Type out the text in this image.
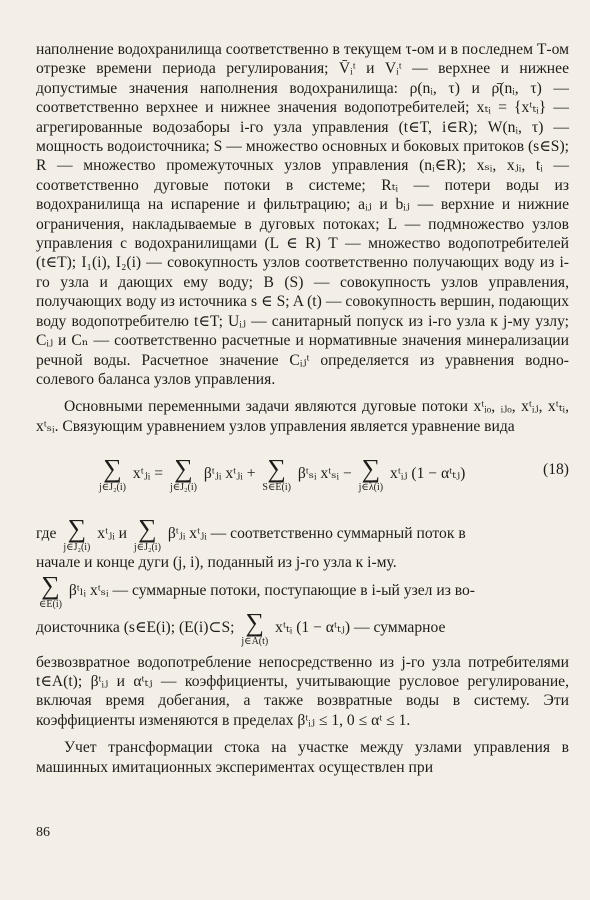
наполнение водохранилища соответственно в текущем τ-ом и в последнем Т-ом отрезке времени периода регулирования; V̄ᵢᵗ и Vᵢᵗ — верхнее и нижнее допустимые значения наполнения водохранилища: ρ(nᵢ, τ) и ρ̄(nᵢ, τ) — соответственно верхнее и нижнее значения водопотребителей; xₜᵢ = {xᵗₜᵢ} — агрегированные водозаборы i-го узла управления (t∈T, i∈R); W(nᵢ, τ) — мощность водоисточника; S — множество основных и боковых притоков (s∈S); R — множество промежуточных узлов управления (nᵢ∈R); xₛᵢ, xⱼᵢ, tᵢ — соответственно дуговые потоки в системе; Rₜᵢ — потери воды из водохранилища на испарение и фильтрацию; aᵢⱼ и bᵢⱼ — верхние и нижние ограничения, накладываемые в дуговых потоках; L — подмножество узлов управления с водохранилищами (L ∈ R) T — множество водопотребителей (t∈T); I₁(i), I₂(i) — совокупность узлов соответственно получающих воду из i-го узла и дающих ему воду; B (S) — совокупность узлов управления, получающих воду из источника s ∈ S; A (t) — совокупность вершин, подающих воду водопотребителю t∈T; Uᵢⱼ — санитарный попуск из i-го узла к j-му узлу; Cᵢⱼ и Cₙ — соответственно расчетные и нормативные значения минерализации речной воды. Расчетное значение Cᵢⱼᵗ определяется из уравнения водно-солевого баланса узлов управления.

Основными переменными задачи являются дуговые потоки xᵗᵢₒ, ᵢⱼₒ, xᵗᵢⱼ, xᵗₜᵢ, xᵗₛᵢ. Связующим уравнением узлов управления является уравнение вида

∑
j∈J₂(i)
xᵗⱼᵢ = ∑
j∈J₂(i)
βᵗⱼᵢ xᵗⱼᵢ + ∑
S∈E(i)
βᵗₛᵢ xᵗₛᵢ − ∑
j∈λ(i)
xᵗᵢⱼ (1 − αᵗₜⱼ)	(18)
где ∑
j∈J₂(i)
xᵗⱼᵢ и ∑
j∈J₂(i)
βᵗⱼᵢ xᵗⱼᵢ — соответственно суммарный поток в
начале и конце дуги (j, i), поданный из j-го узла к i-му.
∑
∈E(i)
βᵗₗᵢ xᵗₛᵢ — суммарные потоки, поступающие в i-ый узел из во-
доисточника (s∈E(i); (E(i)⊂S; ∑
j∈A(t)
xᵗₜᵢ (1 − αᵗₜⱼ) — суммарное

безвозвратное водопотребление непосредственно из j-го узла потребителями t∈A(t); βᵗᵢⱼ и αᵗₜⱼ — коэффициенты, учитывающие русловое регулирование, включая время добегания, а также возвратные воды в систему. Эти коэффициенты изменяются в пределах βᵗᵢⱼ ≤ 1, 0 ≤ αᵗ ≤ 1.

Учет трансформации стока на участке между узлами управления в машинных имитационных экспериментах осуществлен при

86
